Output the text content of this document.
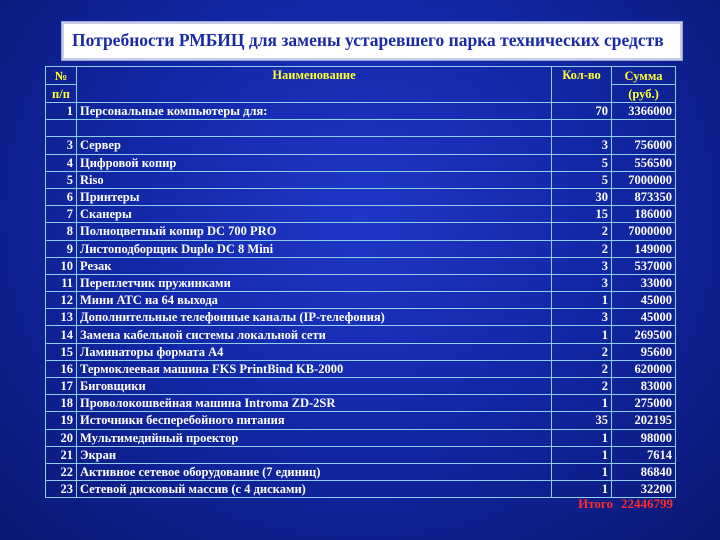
Потребности РМБИЦ для замены устаревшего парка технических средств
№	Наименование	Кол-во	Сумма
п/п			(руб.)
1	Персональные компьютеры для:	70	3366000

3	Сервер	3	756000
4	Цифровой копир	5	556500
5	Riso	5	7000000
6	Принтеры	30	873350
7	Сканеры	15	186000
8	Полноцветный копир DC 700 PRO	2	7000000
9	Листоподборщик Duplo DC 8 Mini	2	149000
10	Резак	3	537000
11	Переплетчик пружинками	3	33000
12	Мини АТС на 64 выхода	1	45000
13	Дополнительные телефонные каналы (IP-телефония)	3	45000
14	Замена кабельной системы локальной сети	1	269500
15	Ламинаторы формата А4	2	95600
16	Термоклеевая машина FKS PrintBind KB-2000	2	620000
17	Биговщики	2	83000
18	Проволокошвейная машина Introma ZD-2SR	1	275000
19	Источники бесперебойного питания	35	202195
20	Мультимедийный проектор	1	98000
21	Экран	1	7614
22	Активное сетевое оборудование (7 единиц)	1	86840
23	Сетевой дисковый массив (с 4 дисками)	1	32200
Итого 22446799
